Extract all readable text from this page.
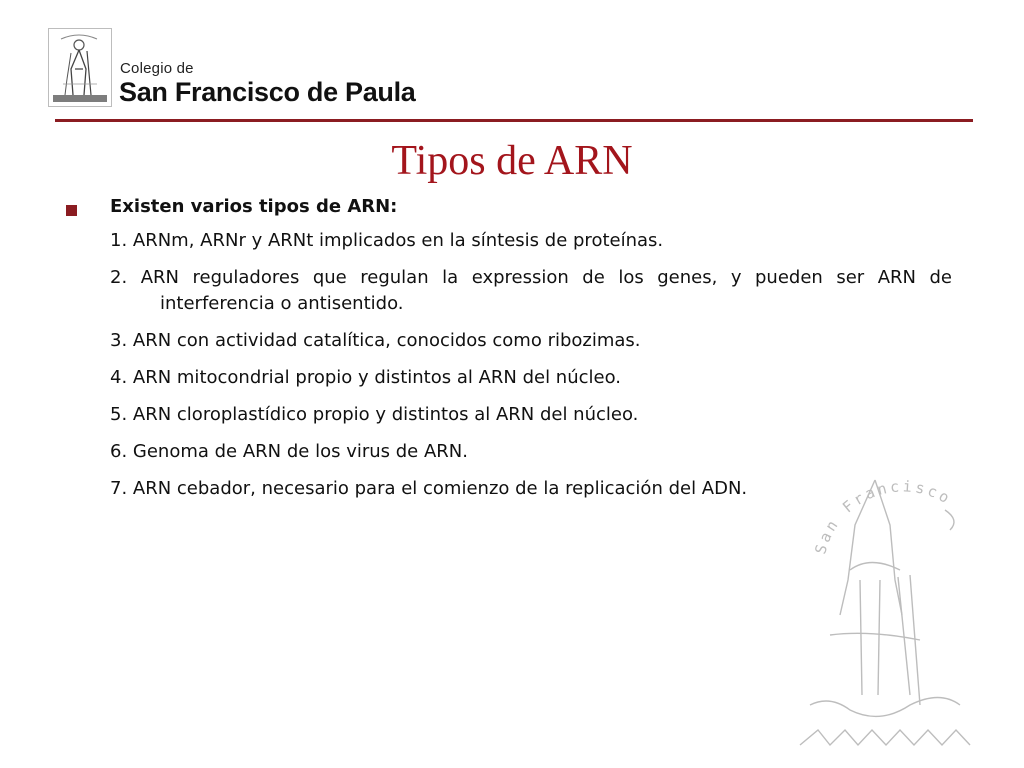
Colegio de
San Francisco de Paula
Tipos de ARN
San Francisco
Existen varios tipos de ARN:
1. ARNm, ARNr y ARNt implicados en la síntesis de proteínas.
2. ARN reguladores que regulan la expression de los genes, y pueden ser ARN de interferencia o antisentido.
3. ARN con actividad catalítica, conocidos como ribozimas.
4. ARN mitocondrial propio y distintos al ARN del núcleo.
5. ARN cloroplastídico propio y distintos al ARN del núcleo.
6. Genoma de ARN de los virus de ARN.
7. ARN cebador, necesario para el comienzo de la replicación del ADN.
